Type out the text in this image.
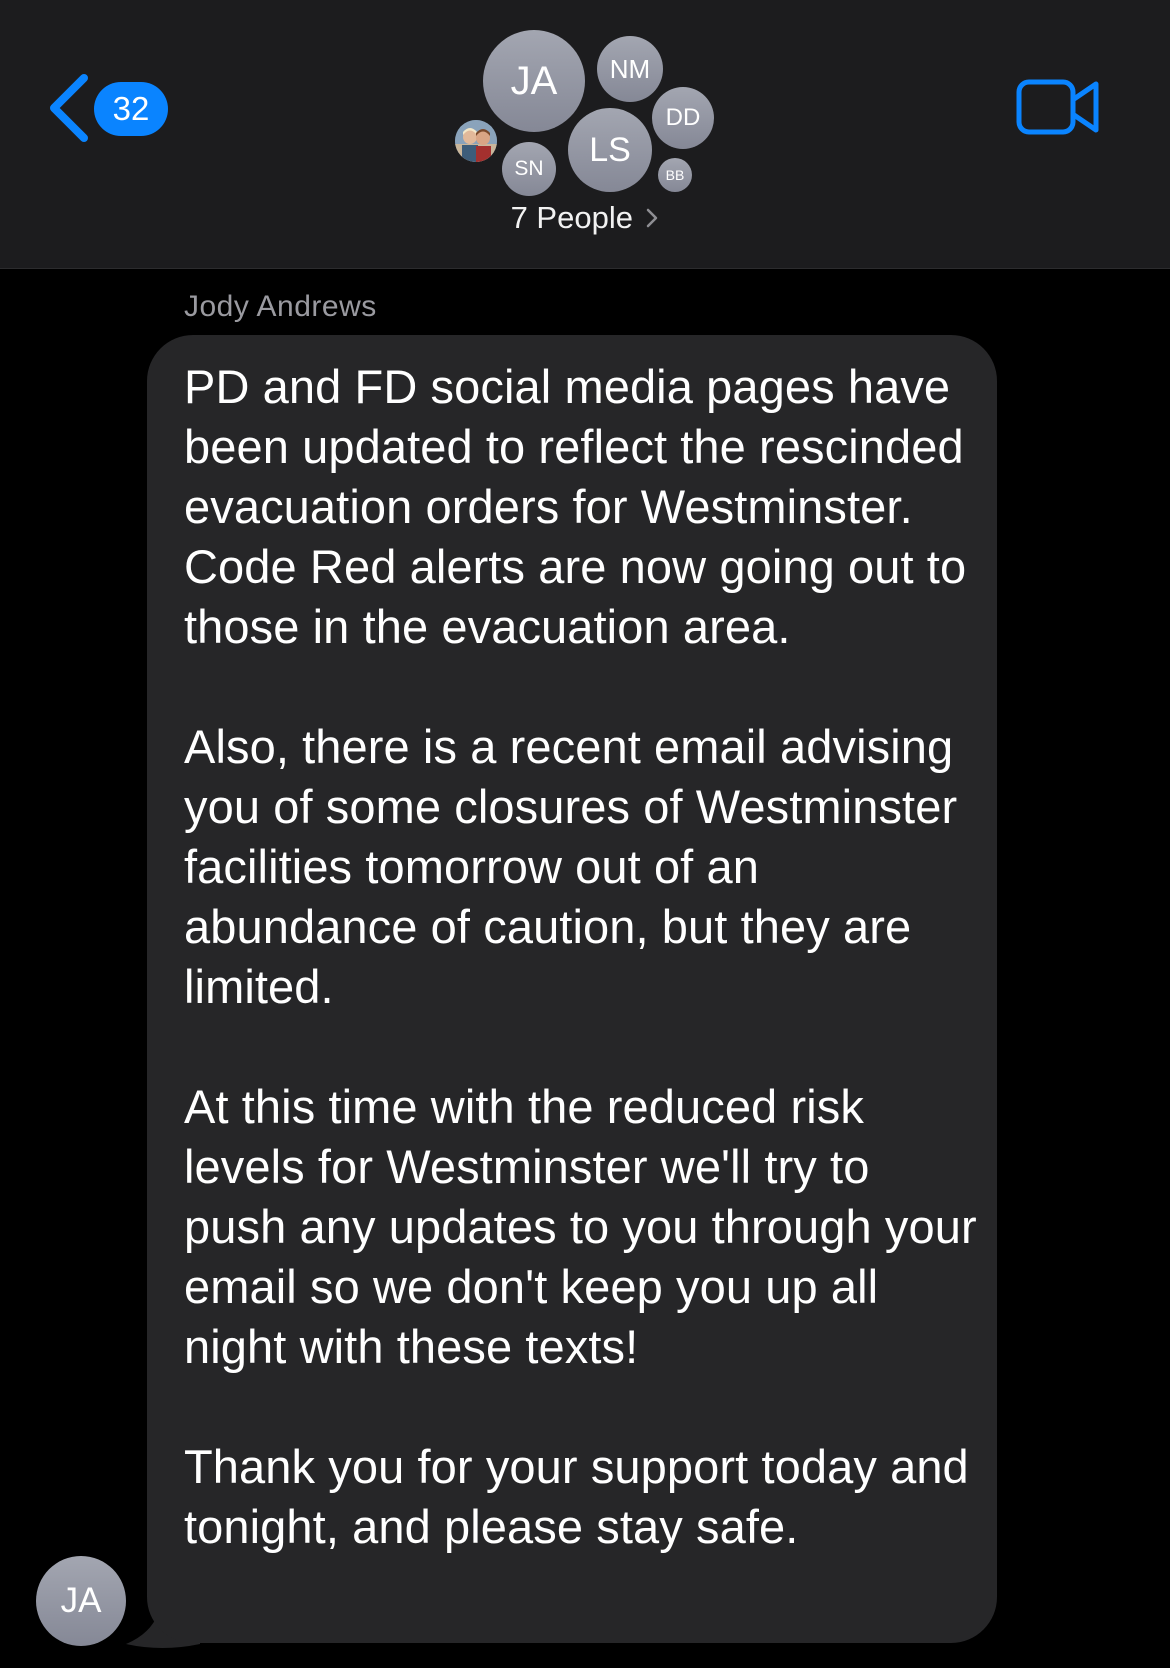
32
JA	NM
DD
LS
SN	BB
7 People
Jody Andrews

PD and FD social media pages have been updated to reflect the rescinded evacuation orders for Westminster. Code Red alerts are now going out to those in the evacuation area.

Also, there is a recent email advising you of some closures of Westminster facilities tomorrow out of an abundance of caution, but they are limited.

At this time with the reduced risk levels for Westminster we'll try to push any updates to you through your email so we don't keep you up all night with these texts!

Thank you for your support today and tonight, and please stay safe.

JA
